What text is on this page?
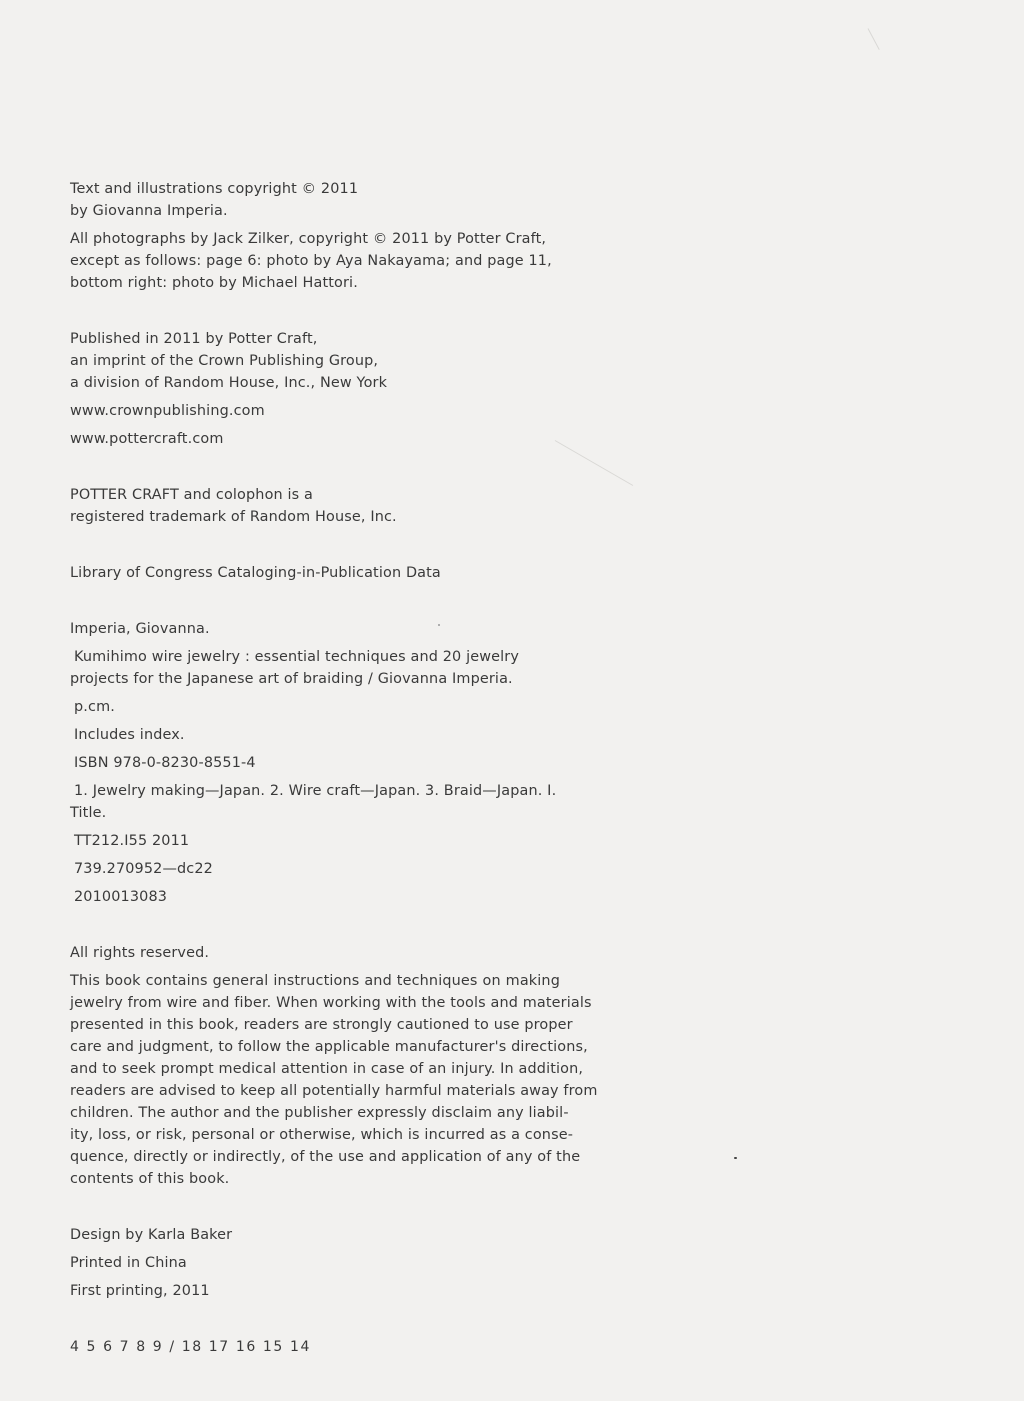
Text and illustrations copyright © 2011
by Giovanna Imperia.
All photographs by Jack Zilker, copyright © 2011 by Potter Craft,
except as follows: page 6: photo by Aya Nakayama; and page 11,
bottom right: photo by Michael Hattori.
Published in 2011 by Potter Craft,
an imprint of the Crown Publishing Group,
a division of Random House, Inc., New York
www.crownpublishing.com
www.pottercraft.com
POTTER CRAFT and colophon is a
registered trademark of Random House, Inc.
Library of Congress Cataloging-in-Publication Data
Imperia, Giovanna.
Kumihimo wire jewelry : essential techniques and 20 jewelry
projects for the Japanese art of braiding / Giovanna Imperia.
p.cm.
Includes index.
ISBN 978-0-8230-8551-4
1. Jewelry making—Japan. 2. Wire craft—Japan. 3. Braid—Japan. I.
Title.
TT212.I55 2011
739.270952—dc22
2010013083
All rights reserved.
This book contains general instructions and techniques on making
jewelry from wire and fiber. When working with the tools and materials
presented in this book, readers are strongly cautioned to use proper
care and judgment, to follow the applicable manufacturer's directions,
and to seek prompt medical attention in case of an injury. In addition,
readers are advised to keep all potentially harmful materials away from
children. The author and the publisher expressly disclaim any liabil-
ity, loss, or risk, personal or otherwise, which is incurred as a conse-
quence, directly or indirectly, of the use and application of any of the
contents of this book.
Design by Karla Baker
Printed in China
First printing, 2011
4 5 6 7 8 9 / 18 17 16 15 14
